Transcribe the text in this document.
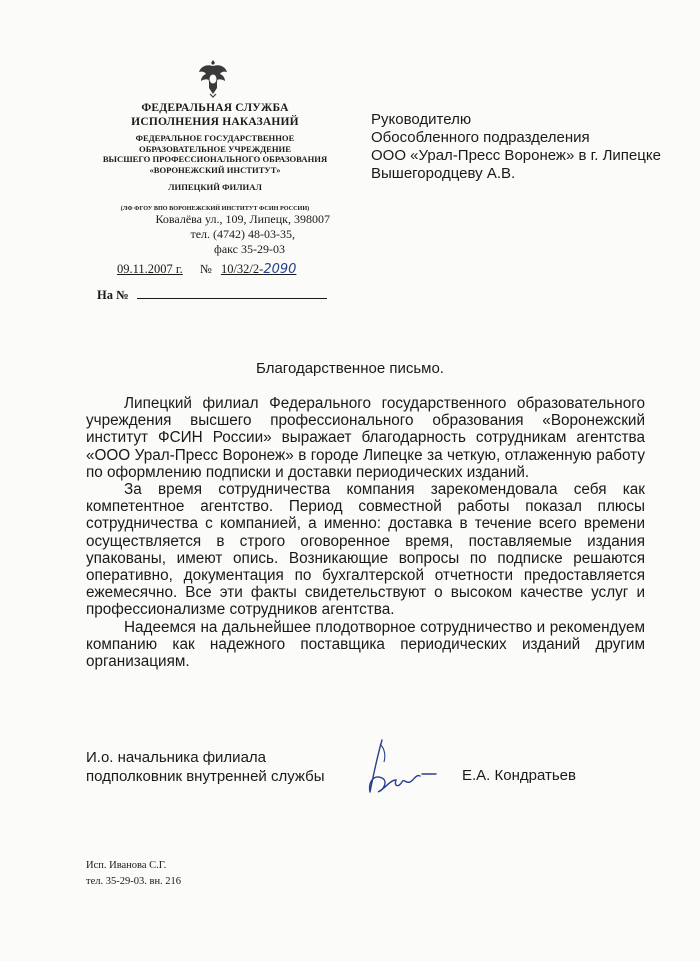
ФЕДЕРАЛЬНАЯ СЛУЖБА
ИСПОЛНЕНИЯ НАКАЗАНИЙ
ФЕДЕРАЛЬНОЕ ГОСУДАРСТВЕННОЕ
ОБРАЗОВАТЕЛЬНОЕ УЧРЕЖДЕНИЕ
ВЫСШЕГО ПРОФЕССИОНАЛЬНОГО ОБРАЗОВАНИЯ
«ВОРОНЕЖСКИЙ ИНСТИТУТ»
ЛИПЕЦКИЙ ФИЛИАЛ
(ЛФ ФГОУ ВПО ВОРОНЕЖСКИЙ ИНСТИТУТ ФСИН РОССИИ)
Ковалёва ул., 109, Липецк, 398007
тел. (4742) 48-03-35,
факс 35-29-03
09.11.2007 г. № 10/32/2-2090
На №
Руководителю
Обособленного подразделения
ООО «Урал-Пресс Воронеж» в г. Липецке
Вышегородцеву А.В.
Благодарственное письмо.

Липецкий филиал Федерального государственного образовательного учреждения высшего профессионального образования «Воронежский институт ФСИН России» выражает благодарность сотрудникам агентства «ООО Урал-Пресс Воронеж» в городе Липецке за четкую, отлаженную работу по оформлению подписки и доставки периодических изданий.

За время сотрудничества компания зарекомендовала себя как компетентное агентство. Период совместной работы показал плюсы сотрудничества с компанией, а именно: доставка в течение всего времени осуществляется в строго оговоренное время, поставляемые издания упакованы, имеют опись. Возникающие вопросы по подписке решаются оперативно, документация по бухгалтерской отчетности предоставляется ежемесячно. Все эти факты свидетельствуют о высоком качестве услуг и профессионализме сотрудников агентства.

Надеемся на дальнейшее плодотворное сотрудничество и рекомендуем компанию как надежного поставщика периодических изданий другим организациям.

И.о. начальника филиала
подполковник внутренней службы	Е.А. Кондратьев
Исп. Иванова С.Г.
тел. 35-29-03. вн. 216
